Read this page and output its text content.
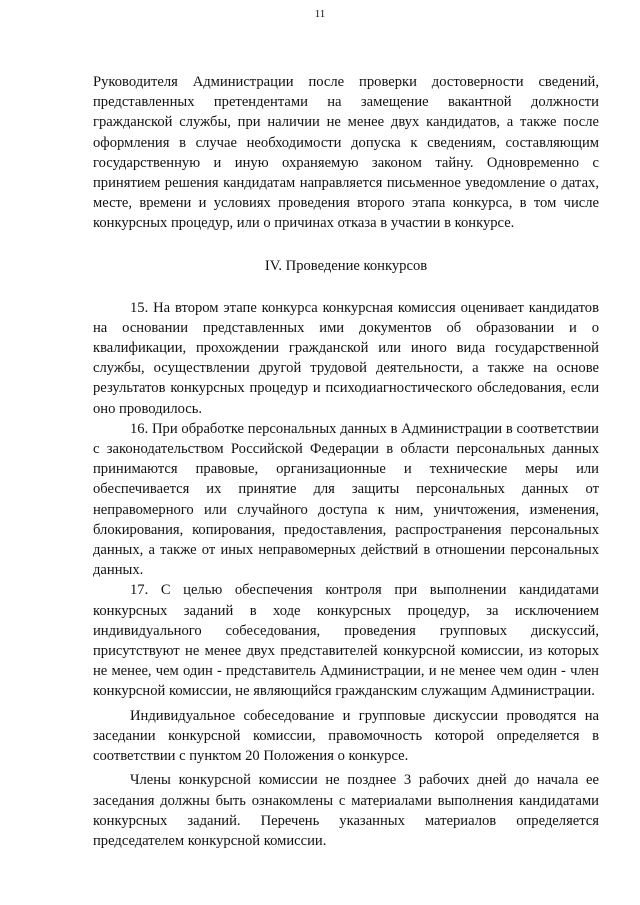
11

Руководителя Администрации после проверки достоверности сведений, представленных претендентами на замещение вакантной должности гражданской службы, при наличии не менее двух кандидатов, а также после оформления в случае необходимости допуска к сведениям, составляющим государственную и иную охраняемую законом тайну. Одновременно с принятием решения кандидатам направляется письменное уведомление о датах, месте, времени и условиях проведения второго этапа конкурса, в том числе конкурсных процедур, или о причинах отказа в участии в конкурсе.

IV. Проведение конкурсов

15. На втором этапе конкурса конкурсная комиссия оценивает кандидатов на основании представленных ими документов об образовании и о квалификации, прохождении гражданской или иного вида государственной службы, осуществлении другой трудовой деятельности, а также на основе результатов конкурсных процедур и психодиагностического обследования, если оно проводилось.

16. При обработке персональных данных в Администрации в соответствии с законодательством Российской Федерации в области персональных данных принимаются правовые, организационные и технические меры или обеспечивается их принятие для защиты персональных данных от неправомерного или случайного доступа к ним, уничтожения, изменения, блокирования, копирования, предоставления, распространения персональных данных, а также от иных неправомерных действий в отношении персональных данных.

17. С целью обеспечения контроля при выполнении кандидатами конкурсных заданий в ходе конкурсных процедур, за исключением индивидуального собеседования, проведения групповых дискуссий, присутствуют не менее двух представителей конкурсной комиссии, из которых не менее, чем один - представитель Администрации, и не менее чем один - член конкурсной комиссии, не являющийся гражданским служащим Администрации.

Индивидуальное собеседование и групповые дискуссии проводятся на заседании конкурсной комиссии, правомочность которой определяется в соответствии с пунктом 20 Положения о конкурсе.

Члены конкурсной комиссии не позднее 3 рабочих дней до начала ее заседания должны быть ознакомлены с материалами выполнения кандидатами конкурсных заданий. Перечень указанных материалов определяется председателем конкурсной комиссии.
